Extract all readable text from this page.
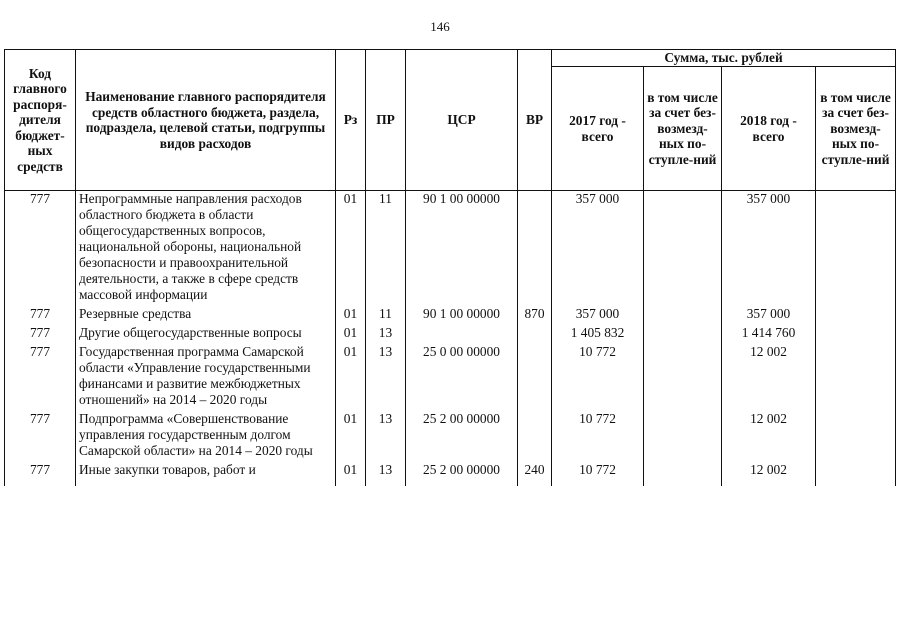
146
Код главного распоря-дителя бюджет-ных средств	Наименование главного распорядителя средств областного бюджета, раздела, подраздела, целевой статьи, подгруппы видов расходов	Рз	ПР	ЦСР	ВР	Сумма, тыс. рублей			
						2017 год - всего	в том числе за счет без-возмезд-ных по-ступле-ний	2018 год - всего	в том числе за счет без-возмезд-ных по-ступле-ний
777	Непрограммные направления расходов областного бюджета в области общегосударственных вопросов, национальной обороны, национальной безопасности и правоохранительной деятельности, а также в сфере средств массовой информации	01	11	90 1 00 00000		357 000		357 000	
777	Резервные средства	01	11	90 1 00 00000	870	357 000		357 000	
777	Другие общегосударственные вопросы	01	13			1 405 832		1 414 760	
777	Государственная программа Самарской области «Управление государственными финансами и развитие межбюджетных отношений» на 2014 – 2020 годы	01	13	25 0 00 00000		10 772		12 002	
777	Подпрограмма «Совершенствование управления государственным долгом Самарской области» на 2014 – 2020 годы	01	13	25 2 00 00000		10 772		12 002	
777	Иные закупки товаров, работ и	01	13	25 2 00 00000	240	10 772		12 002	
